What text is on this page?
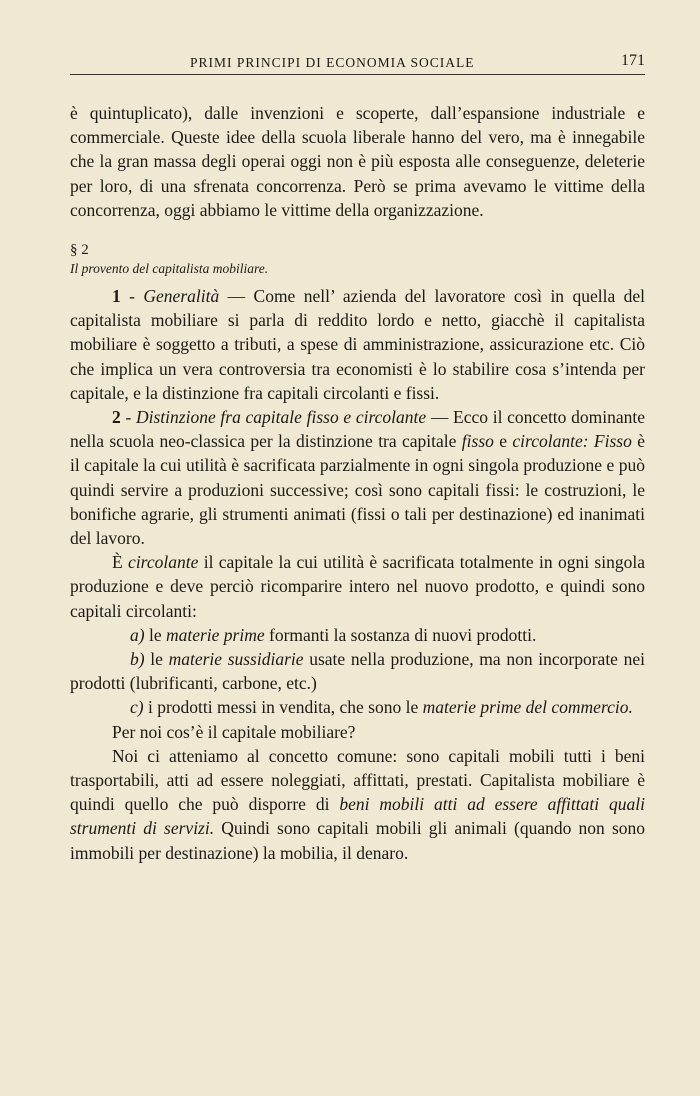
PRIMI PRINCIPI DI ECONOMIA SOCIALE	171

è quintuplicato), dalle invenzioni e scoperte, dall’espansione industriale e commerciale. Queste idee della scuola liberale hanno del vero, ma è innegabile che la gran massa degli operai oggi non è più esposta alle conseguenze, deleterie per loro, di una sfrenata concorrenza. Però se prima avevamo le vittime della concorrenza, oggi abbiamo le vittime della organizzazione.

§ 2

Il provento del capitalista mobiliare.

1 - Generalità — Come nell’ azienda del lavoratore così in quella del capitalista mobiliare si parla di reddito lordo e netto, giacchè il capitalista mobiliare è soggetto a tributi, a spese di amministrazione, assicurazione etc. Ciò che implica un vera controversia tra economisti è lo stabilire cosa s’intenda per capitale, e la distinzione fra capitali circolanti e fissi.

2 - Distinzione fra capitale fisso e circolante — Ecco il concetto dominante nella scuola neo-classica per la distinzione tra capitale fisso e circolante: Fisso è il capitale la cui utilità è sacrificata parzialmente in ogni singola produzione e può quindi servire a produzioni successive; così sono capitali fissi: le costruzioni, le bonifiche agrarie, gli strumenti animati (fissi o tali per destinazione) ed inanimati del lavoro.

È circolante il capitale la cui utilità è sacrificata totalmente in ogni singola produzione e deve perciò ricomparire intero nel nuovo prodotto, e quindi sono capitali circolanti:

a) le materie prime formanti la sostanza di nuovi prodotti.

b) le materie sussidiarie usate nella produzione, ma non incorporate nei prodotti (lubrificanti, carbone, etc.)

c) i prodotti messi in vendita, che sono le materie prime del commercio.

Per noi cos’è il capitale mobiliare?

Noi ci atteniamo al concetto comune: sono capitali mobili tutti i beni trasportabili, atti ad essere noleggiati, affittati, prestati. Capitalista mobiliare è quindi quello che può disporre di beni mobili atti ad essere affittati quali strumenti di servizi. Quindi sono capitali mobili gli animali (quando non sono immobili per destinazione) la mobilia, il denaro.
